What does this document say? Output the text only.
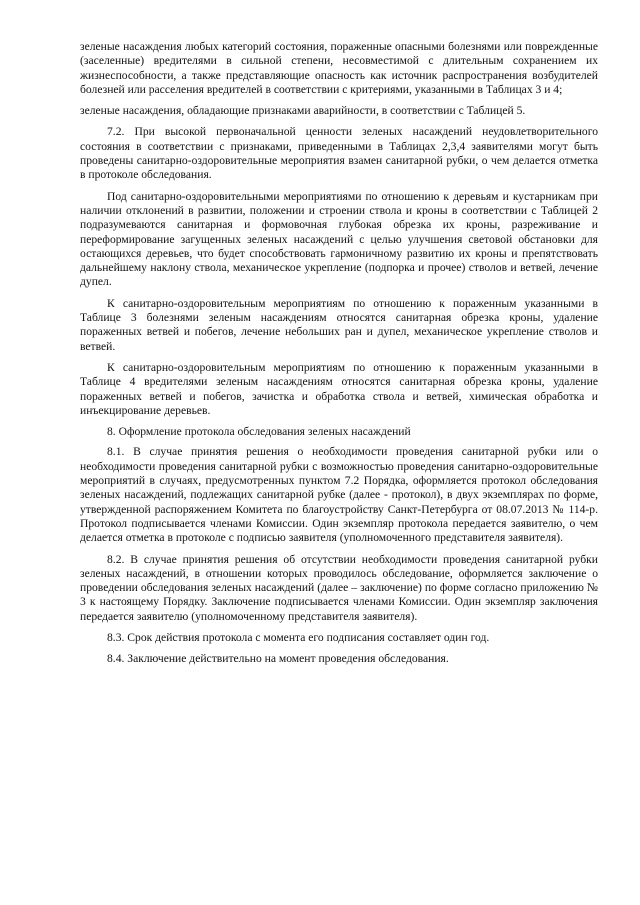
зеленые насаждения любых категорий состояния, пораженные опасными болезнями или поврежденные (заселенные) вредителями в сильной степени, несовместимой с длительным сохранением их жизнеспособности, а также представляющие опасность как источник распространения возбудителей болезней или расселения вредителей в соответствии с критериями, указанными в Таблицах 3 и 4;

зеленые насаждения, обладающие признаками аварийности, в соответствии с Таблицей 5.

7.2. При высокой первоначальной ценности зеленых насаждений неудовлетворительного состояния в соответствии с признаками, приведенными в Таблицах 2,3,4 заявителями могут быть проведены санитарно-оздоровительные мероприятия взамен санитарной рубки, о чем делается отметка в протоколе обследования.

Под санитарно-оздоровительными мероприятиями по отношению к деревьям и кустарникам при наличии отклонений в развитии, положении и строении ствола и кроны в соответствии с Таблицей 2 подразумеваются санитарная и формовочная глубокая обрезка их кроны, разреживание и переформирование загущенных зеленых насаждений с целью улучшения световой обстановки для остающихся деревьев, что будет способствовать гармоничному развитию их кроны и препятствовать дальнейшему наклону ствола, механическое укрепление (подпорка и прочее) стволов и ветвей, лечение дупел.

К санитарно-оздоровительным мероприятиям по отношению к пораженным указанными в Таблице 3 болезнями зеленым насаждениям относятся санитарная обрезка кроны, удаление пораженных ветвей и побегов, лечение небольших ран и дупел, механическое укрепление стволов и ветвей.

К санитарно-оздоровительным мероприятиям по отношению к пораженным указанными в Таблице 4 вредителями зеленым насаждениям относятся санитарная обрезка кроны, удаление пораженных ветвей и побегов, зачистка и обработка ствола и ветвей, химическая обработка и инъекцирование деревьев.

8. Оформление протокола обследования зеленых насаждений

8.1. В случае принятия решения о необходимости проведения санитарной рубки или о необходимости проведения санитарной рубки с возможностью проведения санитарно-оздоровительные мероприятий в случаях, предусмотренных пунктом 7.2 Порядка, оформляется протокол обследования зеленых насаждений, подлежащих санитарной рубке (далее - протокол), в двух экземплярах по форме, утвержденной распоряжением Комитета по благоустройству Санкт-Петербурга от 08.07.2013 № 114-р. Протокол подписывается членами Комиссии. Один экземпляр протокола передается заявителю, о чем делается отметка в протоколе с подписью заявителя (уполномоченного представителя заявителя).

8.2. В случае принятия решения об отсутствии необходимости проведения санитарной рубки зеленых насаждений, в отношении которых проводилось обследование, оформляется заключение о проведении обследования зеленых насаждений (далее – заключение) по форме согласно приложению № 3 к настоящему Порядку. Заключение подписывается членами Комиссии. Один экземпляр заключения передается заявителю (уполномоченному представителя заявителя).

8.3. Срок действия протокола с момента его подписания составляет один год.

8.4. Заключение действительно на момент проведения обследования.
